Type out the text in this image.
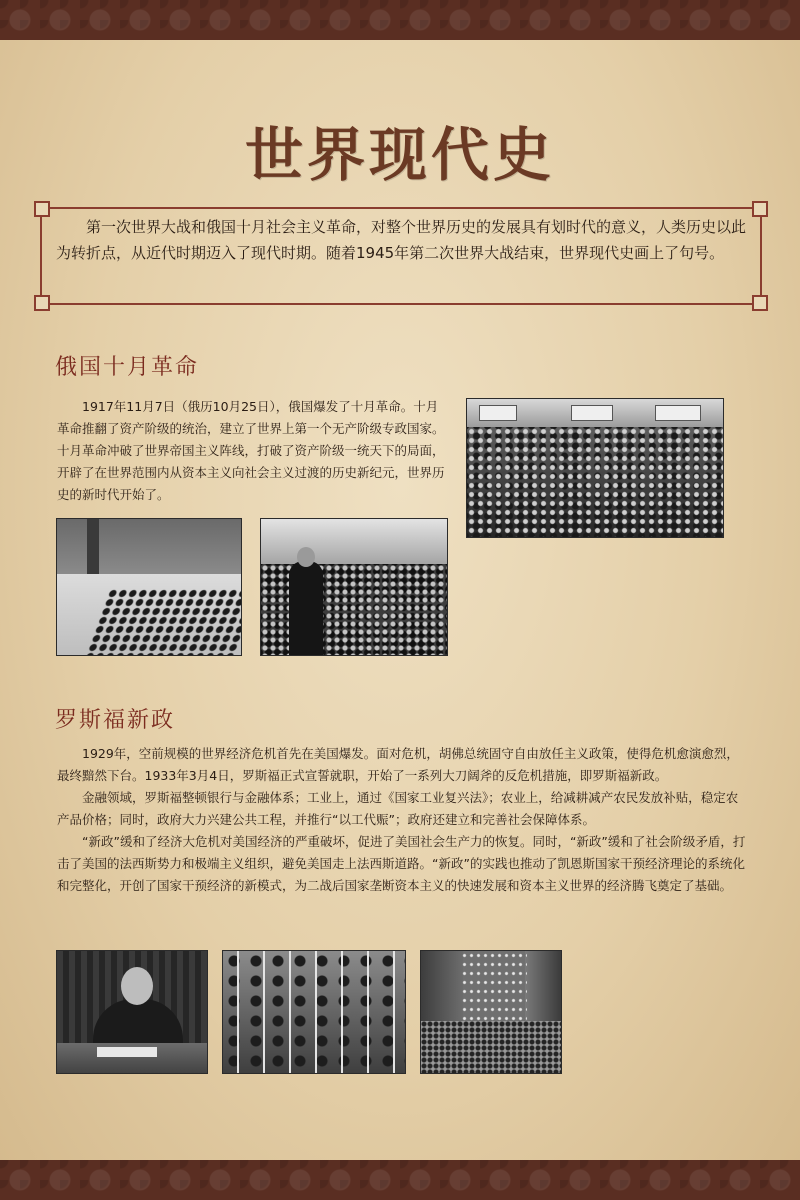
世界现代史
第一次世界大战和俄国十月社会主义革命，对整个世界历史的发展具有划时代的意义，人类历史以此为转折点，从近代时期迈入了现代时期。随着1945年第二次世界大战结束，世界现代史画上了句号。
俄国十月革命

1917年11月7日（俄历10月25日），俄国爆发了十月革命。十月革命推翻了资产阶级的统治，建立了世界上第一个无产阶级专政国家。十月革命冲破了世界帝国主义阵线，打破了资产阶级一统天下的局面，开辟了在世界范围内从资本主义向社会主义过渡的历史新纪元，世界历史的新时代开始了。

罗斯福新政

1929年，空前规模的世界经济危机首先在美国爆发。面对危机，胡佛总统固守自由放任主义政策，使得危机愈演愈烈，最终黯然下台。1933年3月4日，罗斯福正式宣誓就职，开始了一系列大刀阔斧的反危机措施，即罗斯福新政。

金融领域，罗斯福整顿银行与金融体系；工业上，通过《国家工业复兴法》；农业上，给减耕减产农民发放补贴，稳定农产品价格；同时，政府大力兴建公共工程，并推行“以工代赈”；政府还建立和完善社会保障体系。

“新政”缓和了经济大危机对美国经济的严重破坏，促进了美国社会生产力的恢复。同时，“新政”缓和了社会阶级矛盾，打击了美国的法西斯势力和极端主义组织，避免美国走上法西斯道路。“新政”的实践也推动了凯恩斯国家干预经济理论的系统化和完整化，开创了国家干预经济的新模式，为二战后国家垄断资本主义的快速发展和资本主义世界的经济腾飞奠定了基础。
